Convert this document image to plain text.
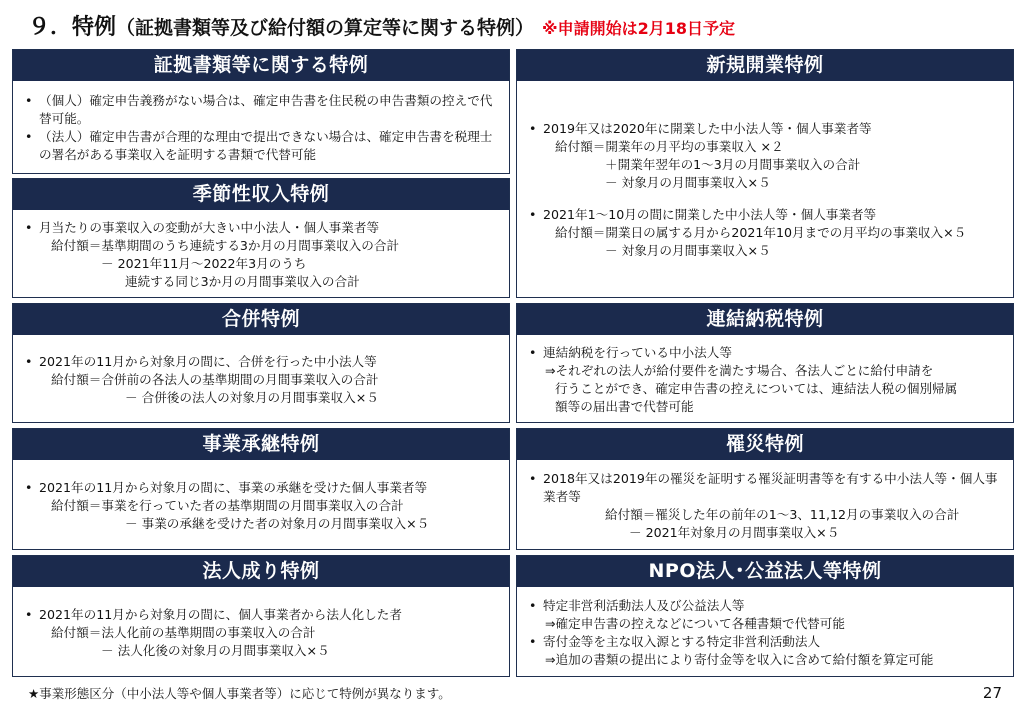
９．特例（証拠書類等及び給付額の算定等に関する特例） ※申請開始は2月18日予定
証拠書類等に関する特例
• （個人）確定申告義務がない場合は、確定申告書を住民税の申告書類の控えで代替可能。
• （法人）確定申告書が合理的な理由で提出できない場合は、確定申告書を税理士の署名がある事業収入を証明する書類で代替可能
季節性収入特例
• 月当たりの事業収入の変動が大きい中小法人・個人事業者等
給付額＝基準期間のうち連続する3か月の月間事業収入の合計
－ 2021年11月～2022年3月のうち
連続する同じ3か月の月間事業収入の合計
合併特例
• 2021年の11月から対象月の間に、合併を行った中小法人等
給付額＝合併前の各法人の基準期間の月間事業収入の合計
－ 合併後の法人の対象月の月間事業収入×５
事業承継特例
• 2021年の11月から対象月の間に、事業の承継を受けた個人事業者等
給付額＝事業を行っていた者の基準期間の月間事業収入の合計
－ 事業の承継を受けた者の対象月の月間事業収入×５
法人成り特例
• 2021年の11月から対象月の間に、個人事業者から法人化した者
給付額＝法人化前の基準期間の事業収入の合計
－ 法人化後の対象月の月間事業収入×５
新規開業特例
• 2019年又は2020年に開業した中小法人等・個人事業者等
給付額＝開業年の月平均の事業収入 ×２
＋開業年翌年の1～3月の月間事業収入の合計
－ 対象月の月間事業収入×５
• 2021年1～10月の間に開業した中小法人等・個人事業者等
給付額＝開業日の属する月から2021年10月までの月平均の事業収入×５
－ 対象月の月間事業収入×５
連結納税特例
• 連結納税を行っている中小法人等
⇒それぞれの法人が給付要件を満たす場合、各法人ごとに給付申請を
行うことができ、確定申告書の控えについては、連結法人税の個別帰属
額等の届出書で代替可能
罹災特例
• 2018年又は2019年の罹災を証明する罹災証明書等を有する中小法人等・個人事業者等
給付額＝罹災した年の前年の1～3、11,12月の事業収入の合計
－ 2021年対象月の月間事業収入×５
NPO法人･公益法人等特例
• 特定非営利活動法人及び公益法人等
⇒確定申告書の控えなどについて各種書類で代替可能
• 寄付金等を主な収入源とする特定非営利活動法人
⇒追加の書類の提出により寄付金等を収入に含めて給付額を算定可能
★事業形態区分（中小法人等や個人事業者等）に応じて特例が異なります。	27
